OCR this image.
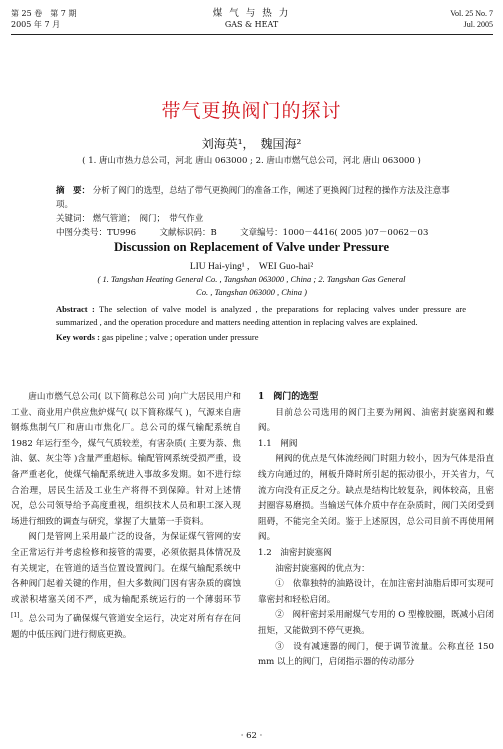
第 25 卷　第 7 期
2005 年 7 月
煤 气 与 热 力
GAS & HEAT
Vol. 25 No. 7
Jul. 2005
带气更换阀门的探讨
刘海英¹，　魏国海²
( 1. 唐山市热力总公司，河北 唐山 063000 ; 2. 唐山市燃气总公司，河北 唐山 063000 )
摘　要： 分析了阀门的选型，总结了带气更换阀门的准备工作，阐述了更换阀门过程的操作方法及注意事项。
关键词： 燃气管道；　阀门；　带气作业
中图分类号：TU996	文献标识码：B	文章编号：1000－4416( 2005 )07－0062－03
Discussion on Replacement of Valve under Pressure
LIU Hai-ying¹ ,　WEI Guo-hai²
( 1. Tangshan Heating General Co. , Tangshan 063000 , China ; 2. Tangshan Gas General
Co. , Tangshan 063000 , China )
Abstract : The selection of valve model is analyzed , the preparations for replacing valves under pressure are summarized , and the operation procedure and matters needing attention in replacing valves are explained.
Key words : gas pipeline ; valve ; operation under pressure

唐山市燃气总公司( 以下简称总公司 )向广大居民用户和工业、商业用户供应焦炉煤气( 以下简称煤气 )，气源来自唐钢炼焦制气厂和唐山市焦化厂。总公司的煤气输配系统自 1982 年运行至今，煤气气质较差，有害杂质( 主要为萘、焦油、氨、灰尘等 )含量严重超标。输配管网系统受损严重，设备严重老化，使煤气输配系统进入事故多发期。如不进行综合治理，居民生活及工业生产将得不到保障。针对上述情况，总公司领导给予高度重视，组织技术人员和职工深入现场进行细致的调查与研究，掌握了大量第一手资料。

阀门是管网上采用最广泛的设备，为保证煤气管网的安全正常运行并考虑检修和接管的需要，必须依据具体情况及有关规定，在管道的适当位置设置阀门。在煤气输配系统中各种阀门起着关键的作用，但大多数阀门因有害杂质的腐蚀或淤积堵塞关闭不严，成为输配系统运行的一个薄弱环节[1]。总公司为了确保煤气管道安全运行，决定对所有存在问题的中低压阀门进行彻底更换。

1　阀门的选型

目前总公司选用的阀门主要为闸阀、油密封旋塞阀和蝶阀。

1.1　闸阀

闸阀的优点是气体流经阀门时阻力较小，因为气体是沿直线方向通过的，闸板升降时所引起的振动很小，开关省力，气流方向没有正反之分。缺点是结构比较复杂，阀体较高，且密封圈容易磨损。当输送气体介质中存在杂质时，阀门关闭受到阻碍，不能完全关闭。鉴于上述原因，总公司目前不再使用闸阀。

1.2　油密封旋塞阀

油密封旋塞阀的优点为：

①　依靠独特的油路设计，在加注密封油脂后即可实现可靠密封和轻松启闭。

②　阀杆密封采用耐煤气专用的 O 型橡胶圈，既减小启闭扭矩，又能做到不停气更换。

③　设有减速器的阀门，便于调节流量。公称直径 150 mm 以上的阀门，启闭指示器的传动部分

· 62 ·
